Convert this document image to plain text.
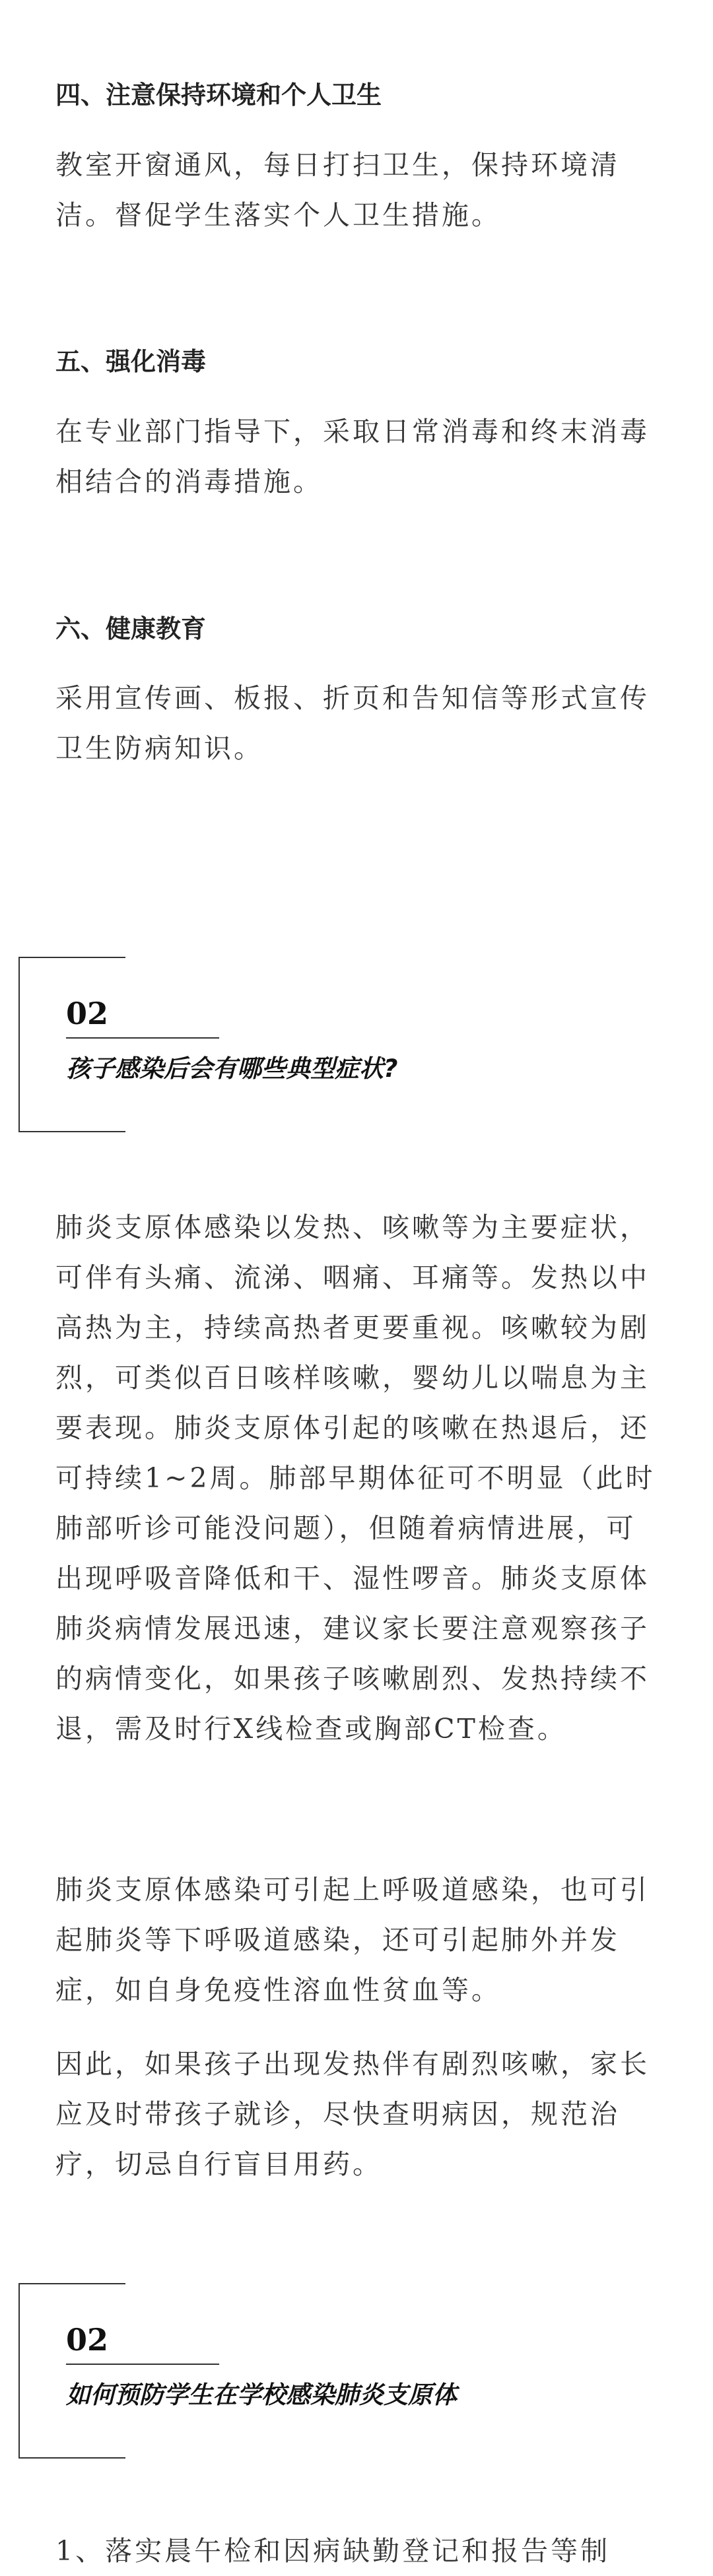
四、注意保持环境和个人卫生

教室开窗通风，每日打扫卫生，保持环境清洁。督促学生落实个人卫生措施。

五、强化消毒

在专业部门指导下，采取日常消毒和终末消毒相结合的消毒措施。

六、健康教育

采用宣传画、板报、折页和告知信等形式宣传卫生防病知识。

02
孩子感染后会有哪些典型症状?

肺炎支原体感染以发热、咳嗽等为主要症状，可伴有头痛、流涕、咽痛、耳痛等。发热以中高热为主，持续高热者更要重视。咳嗽较为剧烈，可类似百日咳样咳嗽，婴幼儿以喘息为主要表现。肺炎支原体引起的咳嗽在热退后，还可持续1~2周。肺部早期体征可不明显（此时肺部听诊可能没问题），但随着病情进展，可出现呼吸音降低和干、湿性啰音。肺炎支原体肺炎病情发展迅速，建议家长要注意观察孩子的病情变化，如果孩子咳嗽剧烈、发热持续不退，需及时行X线检查或胸部CT检查。

肺炎支原体感染可引起上呼吸道感染，也可引起肺炎等下呼吸道感染，还可引起肺外并发症，如自身免疫性溶血性贫血等。

因此，如果孩子出现发热伴有剧烈咳嗽，家长应及时带孩子就诊，尽快查明病因，规范治疗，切忌自行盲目用药。

02
如何预防学生在学校感染肺炎支原体

1、落实晨午检和因病缺勤登记和报告等制
